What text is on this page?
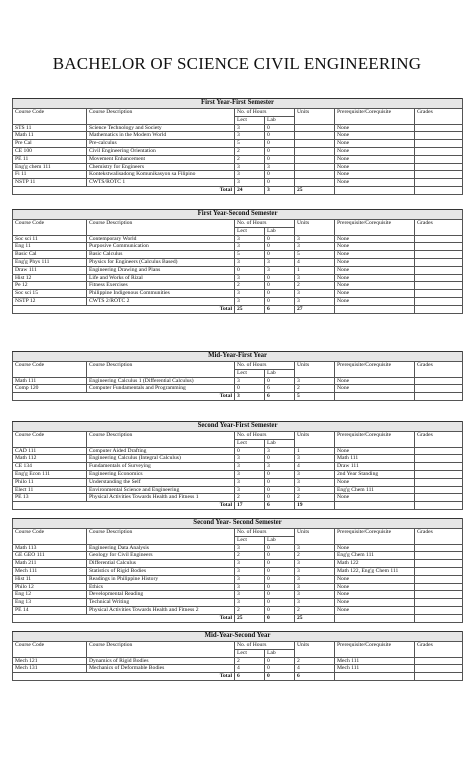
BACHELOR OF SCIENCE CIVIL ENGINEERING
First Year-First Semester						
Course Code	Course Description	No. of Hours		Units	Prerequisite/Corequisite	Grades
		Lect	Lab			
STS 11	Science Technology and Society	3	0		None	
Math 11	Mathematics in the Modern World	3	0		None	
Pre Cal	Pre-calculus	5	0		None	
CE 100	Civil Engineering Orientation	2	0		None	
PE 11	Movement Enhancement	2	0		None	
Eng'g chem 111	Chemistry for Engineers	3	3		None	
Fi 11	Kontekstwalisadong Komunikasyon sa Filipino	3	0		None	
NSTP 11	CWTS/ROTC 1	3	0		None	
Total		24	3	25		
First Year-Second Semester						
Course Code	Course Description	No. of Hours		Units	Prerequisite/Corequisite	Grades
		Lect	Lab			
Soc sci 11	Contemporary World	3	0	3	None	
Eng 11	Purposive Communication	3	0	3	None	
Basic Cal	Basic Calculus	5	0	5	None	
Eng'g Phys 111	Physics for Engineers (Calculus Based)	3	3	4	None	
Draw 111	Engineering Drawing and Plans	0	3	1	None	
Hist 12	Life and Works of Rizal	3	0	3	None	
Pe 12	Fitness Exercises	2	0	2	None	
Soc sci 15	Philippine Indigenous Communities	3	0	3	None	
NSTP 12	CWTS 2/ROTC 2	3	0	3	None	
Total		25	6	27		
Mid-Year-First Year						
Course Code	Course Description	No. of Hours		Units	Prerequisite/Corequisite	Grades
		Lect	Lab			
Math 111	Engineering Calculus 1 (Differential Calculus)	3	0	3	None	
Comp 120	Computer Fundamentals and Programming	0	6	2	None	
Total		3	6	5		
Second Year-First Semester						
Course Code	Course Description	No. of Hours		Units	Prerequisite/Corequisite	Grades
		Lect	Lab			
CAD 111	Computer Aided Drafting	0	3	1	None	
Math 112	Engineering Calculus (Integral Calculus)	3	0	3	Math 111	
CE 134	Fundamentals of Surveying	3	3	4	Draw 111	
Eng'g Econ 111	Engineering Economics	3	0	3	2nd Year Standing	
Philo 11	Understanding the Self	3	0	3	None	
Elect 11	Environmental Science and Engineering	3	0	3	Eng'g Chem 111	
PE 13	Physical Activities Towards Health and Fitness 1	2	0	2	None	
Total		17	6	19		
Second Year- Second Semester						
Course Code	Course Description	No. of Hours		Units	Prerequisite/Corequisite	Grades
		Lect	Lab			
Math 113	Engineering Data Analysis	3	0	3	None	
GE GEO 111	Geology for Civil Engineers	2	0	2	Eng'g Chem 111	
Math 211	Differential Calculus	3	0	3	Math 122	
Mech 111	Statistics of Rigid Bodies	3	0	3	Math 122, Eng'g Chem 111	
Hist 11	Readings in Philippine History	3	0	3	None	
Philo 12	Ethics	3	0	3	None	
Eng 12	Developmental Reading	3	0	3	None	
Eng 13	Technical Writing	3	0	3	None	
PE 14	Physical Activities Towards Health and Fitness 2	2	0	2	None	
Total		25	0	25		
Mid-Year-Second Year						
Course Code	Course Description	No. of Hours		Units	Prerequisite/Corequisite	Grades
		Lect	Lab			
Mech 121	Dynamics of Rigid Bodies	2	0	2	Mech 111	
Mech 131	Mechanics of Deformable Bodies	4	0	4	Mech 111	
Total		6	0	6		
